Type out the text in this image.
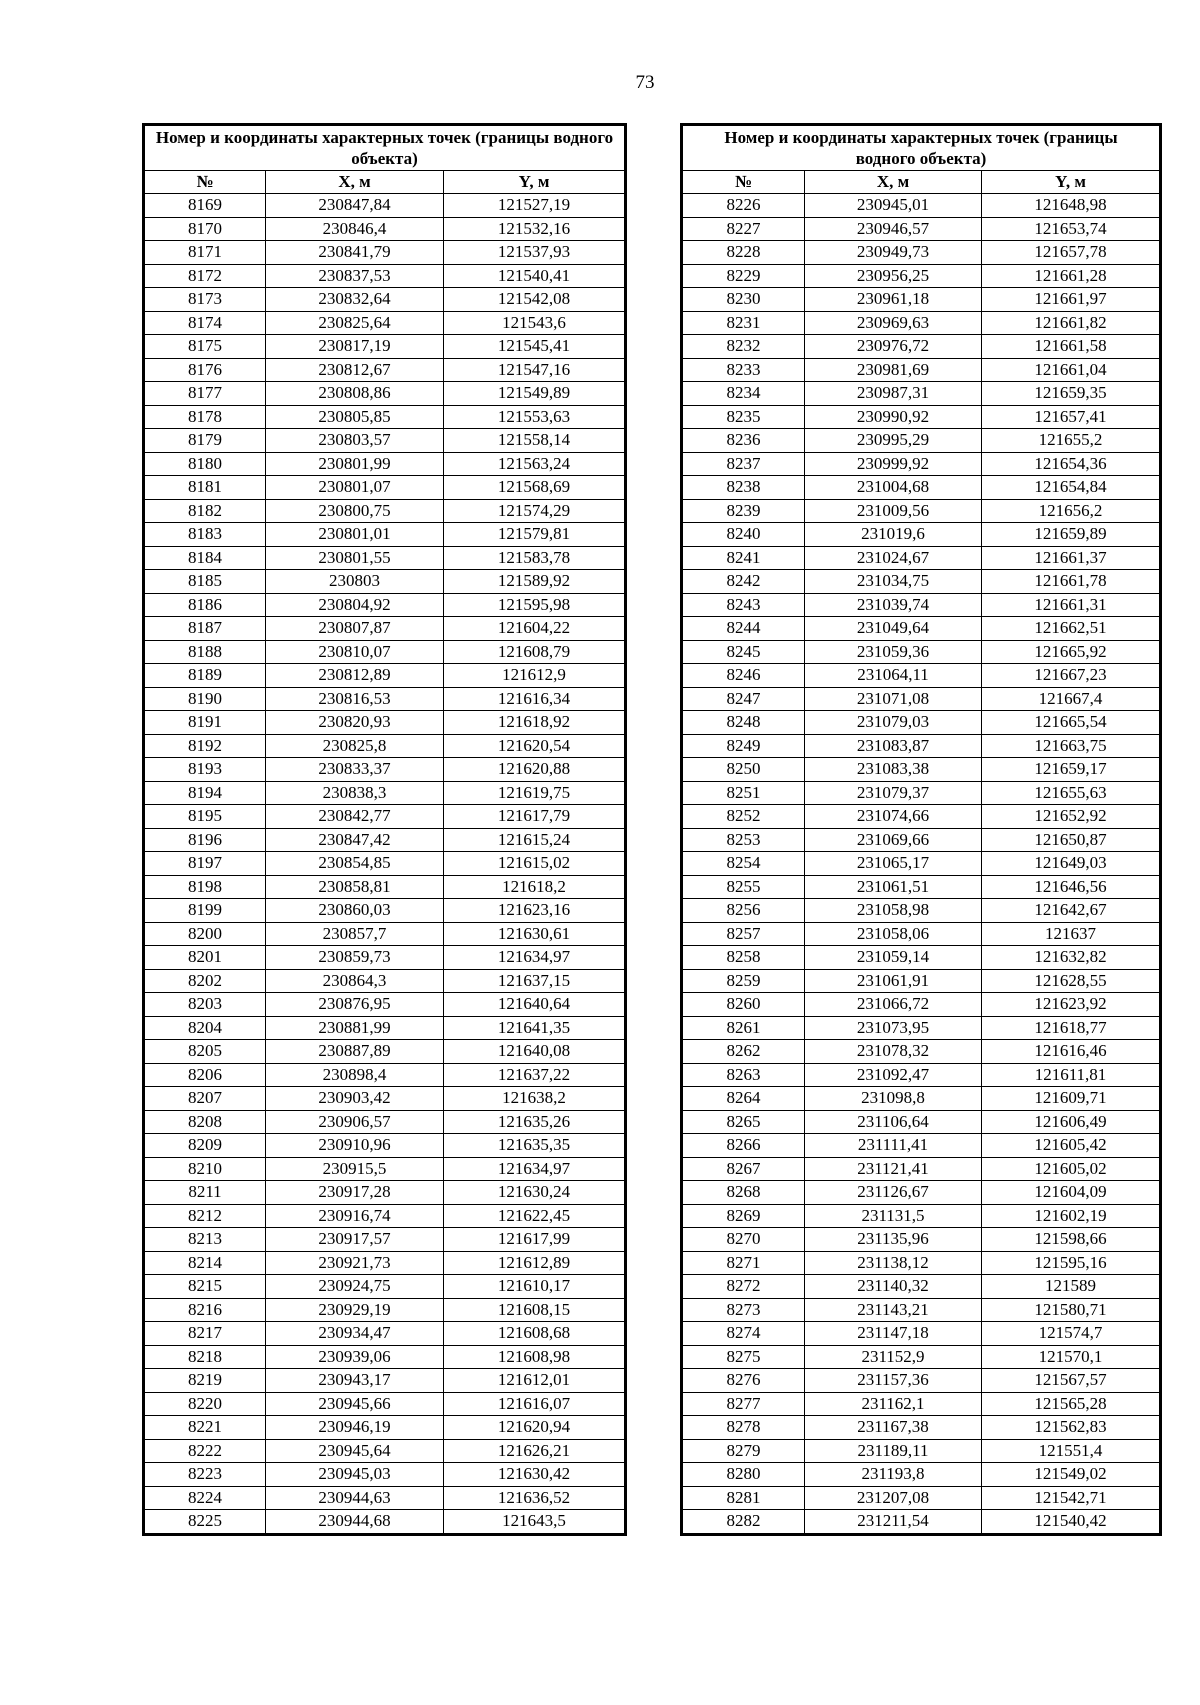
73
Номер и координаты характерных точек (границы водного объекта)		
№	X, м	Y, м
8169	230847,84	121527,19
8170	230846,4	121532,16
8171	230841,79	121537,93
8172	230837,53	121540,41
8173	230832,64	121542,08
8174	230825,64	121543,6
8175	230817,19	121545,41
8176	230812,67	121547,16
8177	230808,86	121549,89
8178	230805,85	121553,63
8179	230803,57	121558,14
8180	230801,99	121563,24
8181	230801,07	121568,69
8182	230800,75	121574,29
8183	230801,01	121579,81
8184	230801,55	121583,78
8185	230803	121589,92
8186	230804,92	121595,98
8187	230807,87	121604,22
8188	230810,07	121608,79
8189	230812,89	121612,9
8190	230816,53	121616,34
8191	230820,93	121618,92
8192	230825,8	121620,54
8193	230833,37	121620,88
8194	230838,3	121619,75
8195	230842,77	121617,79
8196	230847,42	121615,24
8197	230854,85	121615,02
8198	230858,81	121618,2
8199	230860,03	121623,16
8200	230857,7	121630,61
8201	230859,73	121634,97
8202	230864,3	121637,15
8203	230876,95	121640,64
8204	230881,99	121641,35
8205	230887,89	121640,08
8206	230898,4	121637,22
8207	230903,42	121638,2
8208	230906,57	121635,26
8209	230910,96	121635,35
8210	230915,5	121634,97
8211	230917,28	121630,24
8212	230916,74	121622,45
8213	230917,57	121617,99
8214	230921,73	121612,89
8215	230924,75	121610,17
8216	230929,19	121608,15
8217	230934,47	121608,68
8218	230939,06	121608,98
8219	230943,17	121612,01
8220	230945,66	121616,07
8221	230946,19	121620,94
8222	230945,64	121626,21
8223	230945,03	121630,42
8224	230944,63	121636,52
8225	230944,68	121643,5
Номер и координаты характерных точек (границы водного объекта)		
№	X, м	Y, м
8226	230945,01	121648,98
8227	230946,57	121653,74
8228	230949,73	121657,78
8229	230956,25	121661,28
8230	230961,18	121661,97
8231	230969,63	121661,82
8232	230976,72	121661,58
8233	230981,69	121661,04
8234	230987,31	121659,35
8235	230990,92	121657,41
8236	230995,29	121655,2
8237	230999,92	121654,36
8238	231004,68	121654,84
8239	231009,56	121656,2
8240	231019,6	121659,89
8241	231024,67	121661,37
8242	231034,75	121661,78
8243	231039,74	121661,31
8244	231049,64	121662,51
8245	231059,36	121665,92
8246	231064,11	121667,23
8247	231071,08	121667,4
8248	231079,03	121665,54
8249	231083,87	121663,75
8250	231083,38	121659,17
8251	231079,37	121655,63
8252	231074,66	121652,92
8253	231069,66	121650,87
8254	231065,17	121649,03
8255	231061,51	121646,56
8256	231058,98	121642,67
8257	231058,06	121637
8258	231059,14	121632,82
8259	231061,91	121628,55
8260	231066,72	121623,92
8261	231073,95	121618,77
8262	231078,32	121616,46
8263	231092,47	121611,81
8264	231098,8	121609,71
8265	231106,64	121606,49
8266	231111,41	121605,42
8267	231121,41	121605,02
8268	231126,67	121604,09
8269	231131,5	121602,19
8270	231135,96	121598,66
8271	231138,12	121595,16
8272	231140,32	121589
8273	231143,21	121580,71
8274	231147,18	121574,7
8275	231152,9	121570,1
8276	231157,36	121567,57
8277	231162,1	121565,28
8278	231167,38	121562,83
8279	231189,11	121551,4
8280	231193,8	121549,02
8281	231207,08	121542,71
8282	231211,54	121540,42
